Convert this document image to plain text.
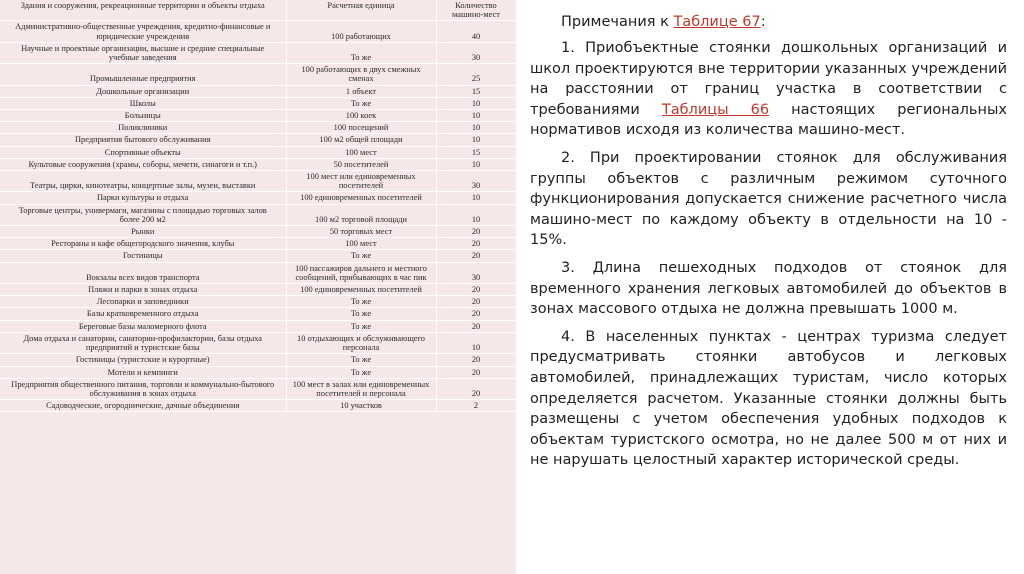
Здания и сооружения, рекреационные территории и объекты отдыха	Расчетная единица	Количество машино-мест
Административно-общественные учреждения, кредитно-финансовые и юридические учреждения	100 работающих	40
Научные и проектные организации, высшие и средние специальные учебные заведения	То же	30
Промышленные предприятия	100 работающих в двух смежных сменах	25
Дошкольные организации	1 объект	15
Школы	То же	10
Больницы	100 коек	10
Поликлиники	100 посещений	10
Предприятия бытового обслуживания	100 м2 общей площади	10
Спортивные объекты	100 мест	15
Культовые сооружения (храмы, соборы, мечети, синагоги и т.п.)	50 посетителей	10
Театры, цирки, кинотеатры, концертные залы, музеи, выставки	100 мест или единовременных посетителей	30
Парки культуры и отдыха	100 единовременных посетителей	10
Торговые центры, универмаги, магазины с площадью торговых залов более 200 м2	100 м2 торговой площади	10
Рынки	50 торговых мест	20
Рестораны и кафе общегородского значения, клубы	100 мест	20
Гостиницы	То же	20
Вокзалы всех видов транспорта	100 пассажиров дальнего и местного сообщений, прибывающих в час пик	30
Пляжи и парки в зонах отдыха	100 единовременных посетителей	20
Лесопарки и заповедники	То же	20
Базы кратковременного отдыха	То же	20
Береговые базы маломерного флота	То же	20
Дома отдыха и санатории, санатории-профилактории, базы отдыха предприятий и туристские базы	10 отдыхающих и обслуживающего персонала	10
Гостиницы (туристские и курортные)	То же	20
Мотели и кемпинги	То же	20
Предприятия общественного питания, торговли и коммунально-бытового обслуживания в зонах отдыха	100 мест в залах или единовременных посетителей и персонала	20
Садоводческие, огороднические, дачные объединения	10 участков	2
Примечания к Таблице 67:

1. Приобъектные стоянки дошкольных организаций и школ проектируются вне территории указанных учреждений на расстоянии от границ участка в соответствии с требованиями Таблицы 66 настоящих региональных нормативов исходя из количества машино-мест.

2. При проектировании стоянок для обслуживания группы объектов с различным режимом суточного функционирования допускается снижение расчетного числа машино-мест по каждому объекту в отдельности на 10 - 15%.

3. Длина пешеходных подходов от стоянок для временного хранения легковых автомобилей до объектов в зонах массового отдыха не должна превышать 1000 м.

4. В населенных пунктах - центрах туризма следует предусматривать стоянки автобусов и легковых автомобилей, принадлежащих туристам, число которых определяется расчетом. Указанные стоянки должны быть размещены с учетом обеспечения удобных подходов к объектам туристского осмотра, но не далее 500 м от них и не нарушать целостный характер исторической среды.
